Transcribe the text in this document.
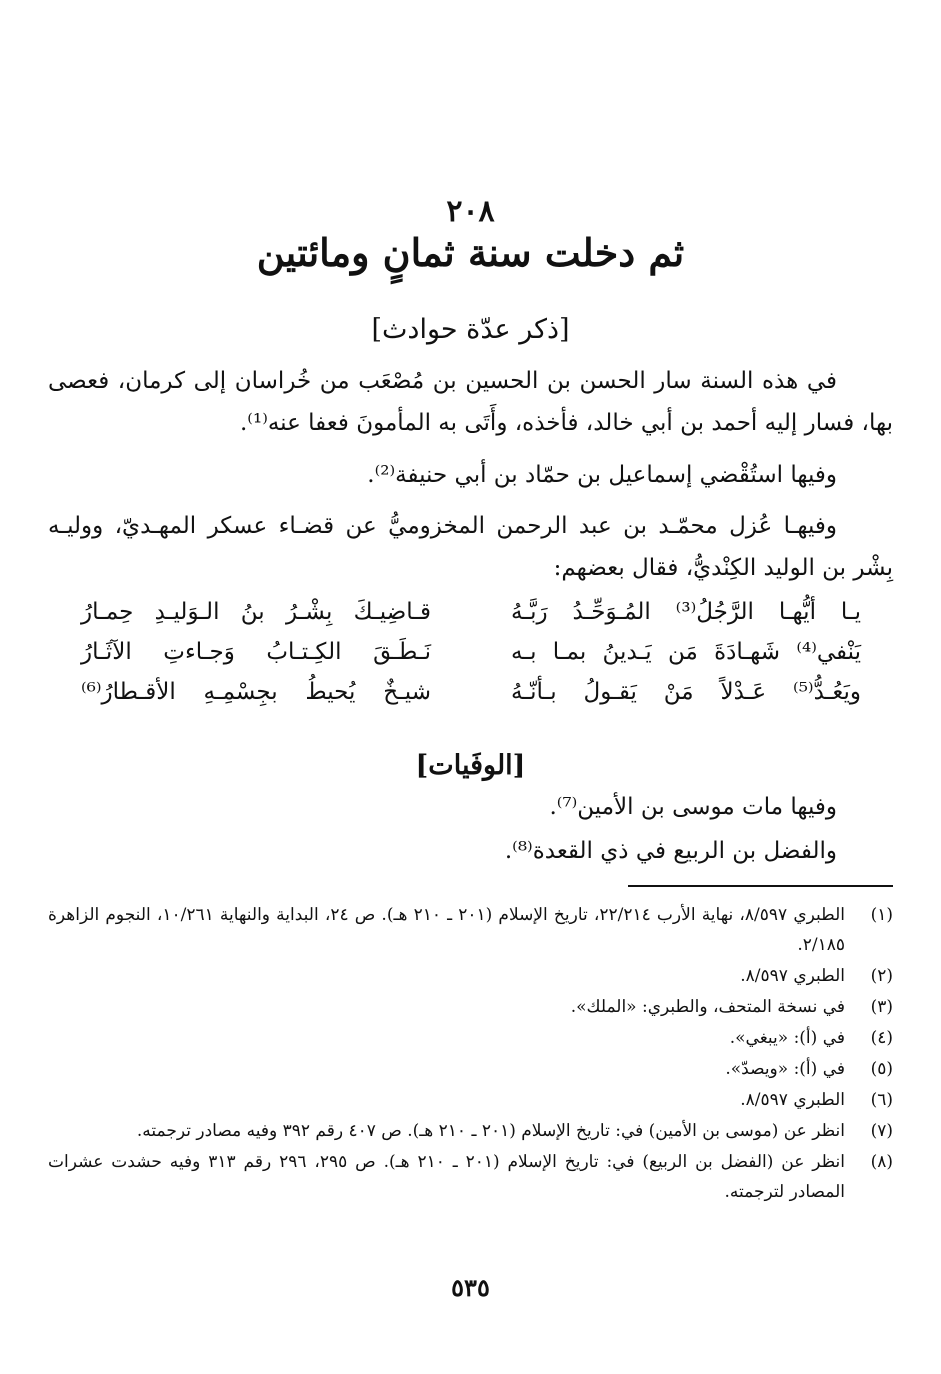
٢٠٨
ثم دخلت سنة ثمانٍ ومائتين
[ذكر عدّة حوادث]

في هذه السنة سار الحسن بن الحسين بن مُصْعَب من خُراسان إلى كرمان، فعصى بها، فسار إليه أحمد بن أبي خالد، فأخذه، وأَتَى به المأمونَ فعفا عنه⁽¹⁾.

وفيها استُقْضي إسماعيل بن حمّاد بن أبي حنيفة⁽²⁾.

وفيهـا عُزل محمّـد بن عبد الرحمن المخزوميُّ عن قضـاء عسكر المهـديّ، ووليـه بِشْر بن الوليد الكِنْديُّ، فقال بعضهم:

يـا أيُّهـا الرَّجُلُ⁽³⁾ المُـوَحِّـدُ رَبَّـهُ
قـاضِيـكَ بِشْـرُ بنُ الـوَليـدِ حِمـارُ
يَنْفي⁽⁴⁾ شَهـادَةَ مَن يَـدينُ بمـا بـه
نَـطَـقَ الكِـتـابُ وَجـاءتِ الآثَـارُ
ويَعُـدُّ⁽⁵⁾ عَـدْلاً مَنْ يَقـولُ بـأنّـهُ
شيـخٌ يُحيطُ بجِسْمِـهِ الأقـطارُ⁽⁶⁾
[الوفَيات]

وفيها مات موسى بن الأمين⁽⁷⁾.

والفضل بن الربيع في ذي القعدة⁽⁸⁾.

(١)
الطبري ٨/٥٩٧، نهاية الأرب ٢٢/٢١٤، تاريخ الإسلام (٢٠١ ـ ٢١٠ هـ). ص ٢٤، البداية والنهاية ١٠/٢٦١، النجوم الزاهرة ٢/١٨٥.
(٢)
الطبري ٨/٥٩٧.
(٣)
في نسخة المتحف، والطبري: «الملك».
(٤)
في (أ): «يبغي».
(٥)
في (أ): «ويصدّ».
(٦)
الطبري ٨/٥٩٧.
(٧)
انظر عن (موسى بن الأمين) في: تاريخ الإسلام (٢٠١ ـ ٢١٠ هـ). ص ٤٠٧ رقم ٣٩٢ وفيه مصادر ترجمته.
(٨)
انظر عن (الفضل بن الربيع) في: تاريخ الإسلام (٢٠١ ـ ٢١٠ هـ). ص ٢٩٥، ٢٩٦ رقم ٣١٣ وفيه حشدت عشرات المصادر لترجمته.
٥٣٥
